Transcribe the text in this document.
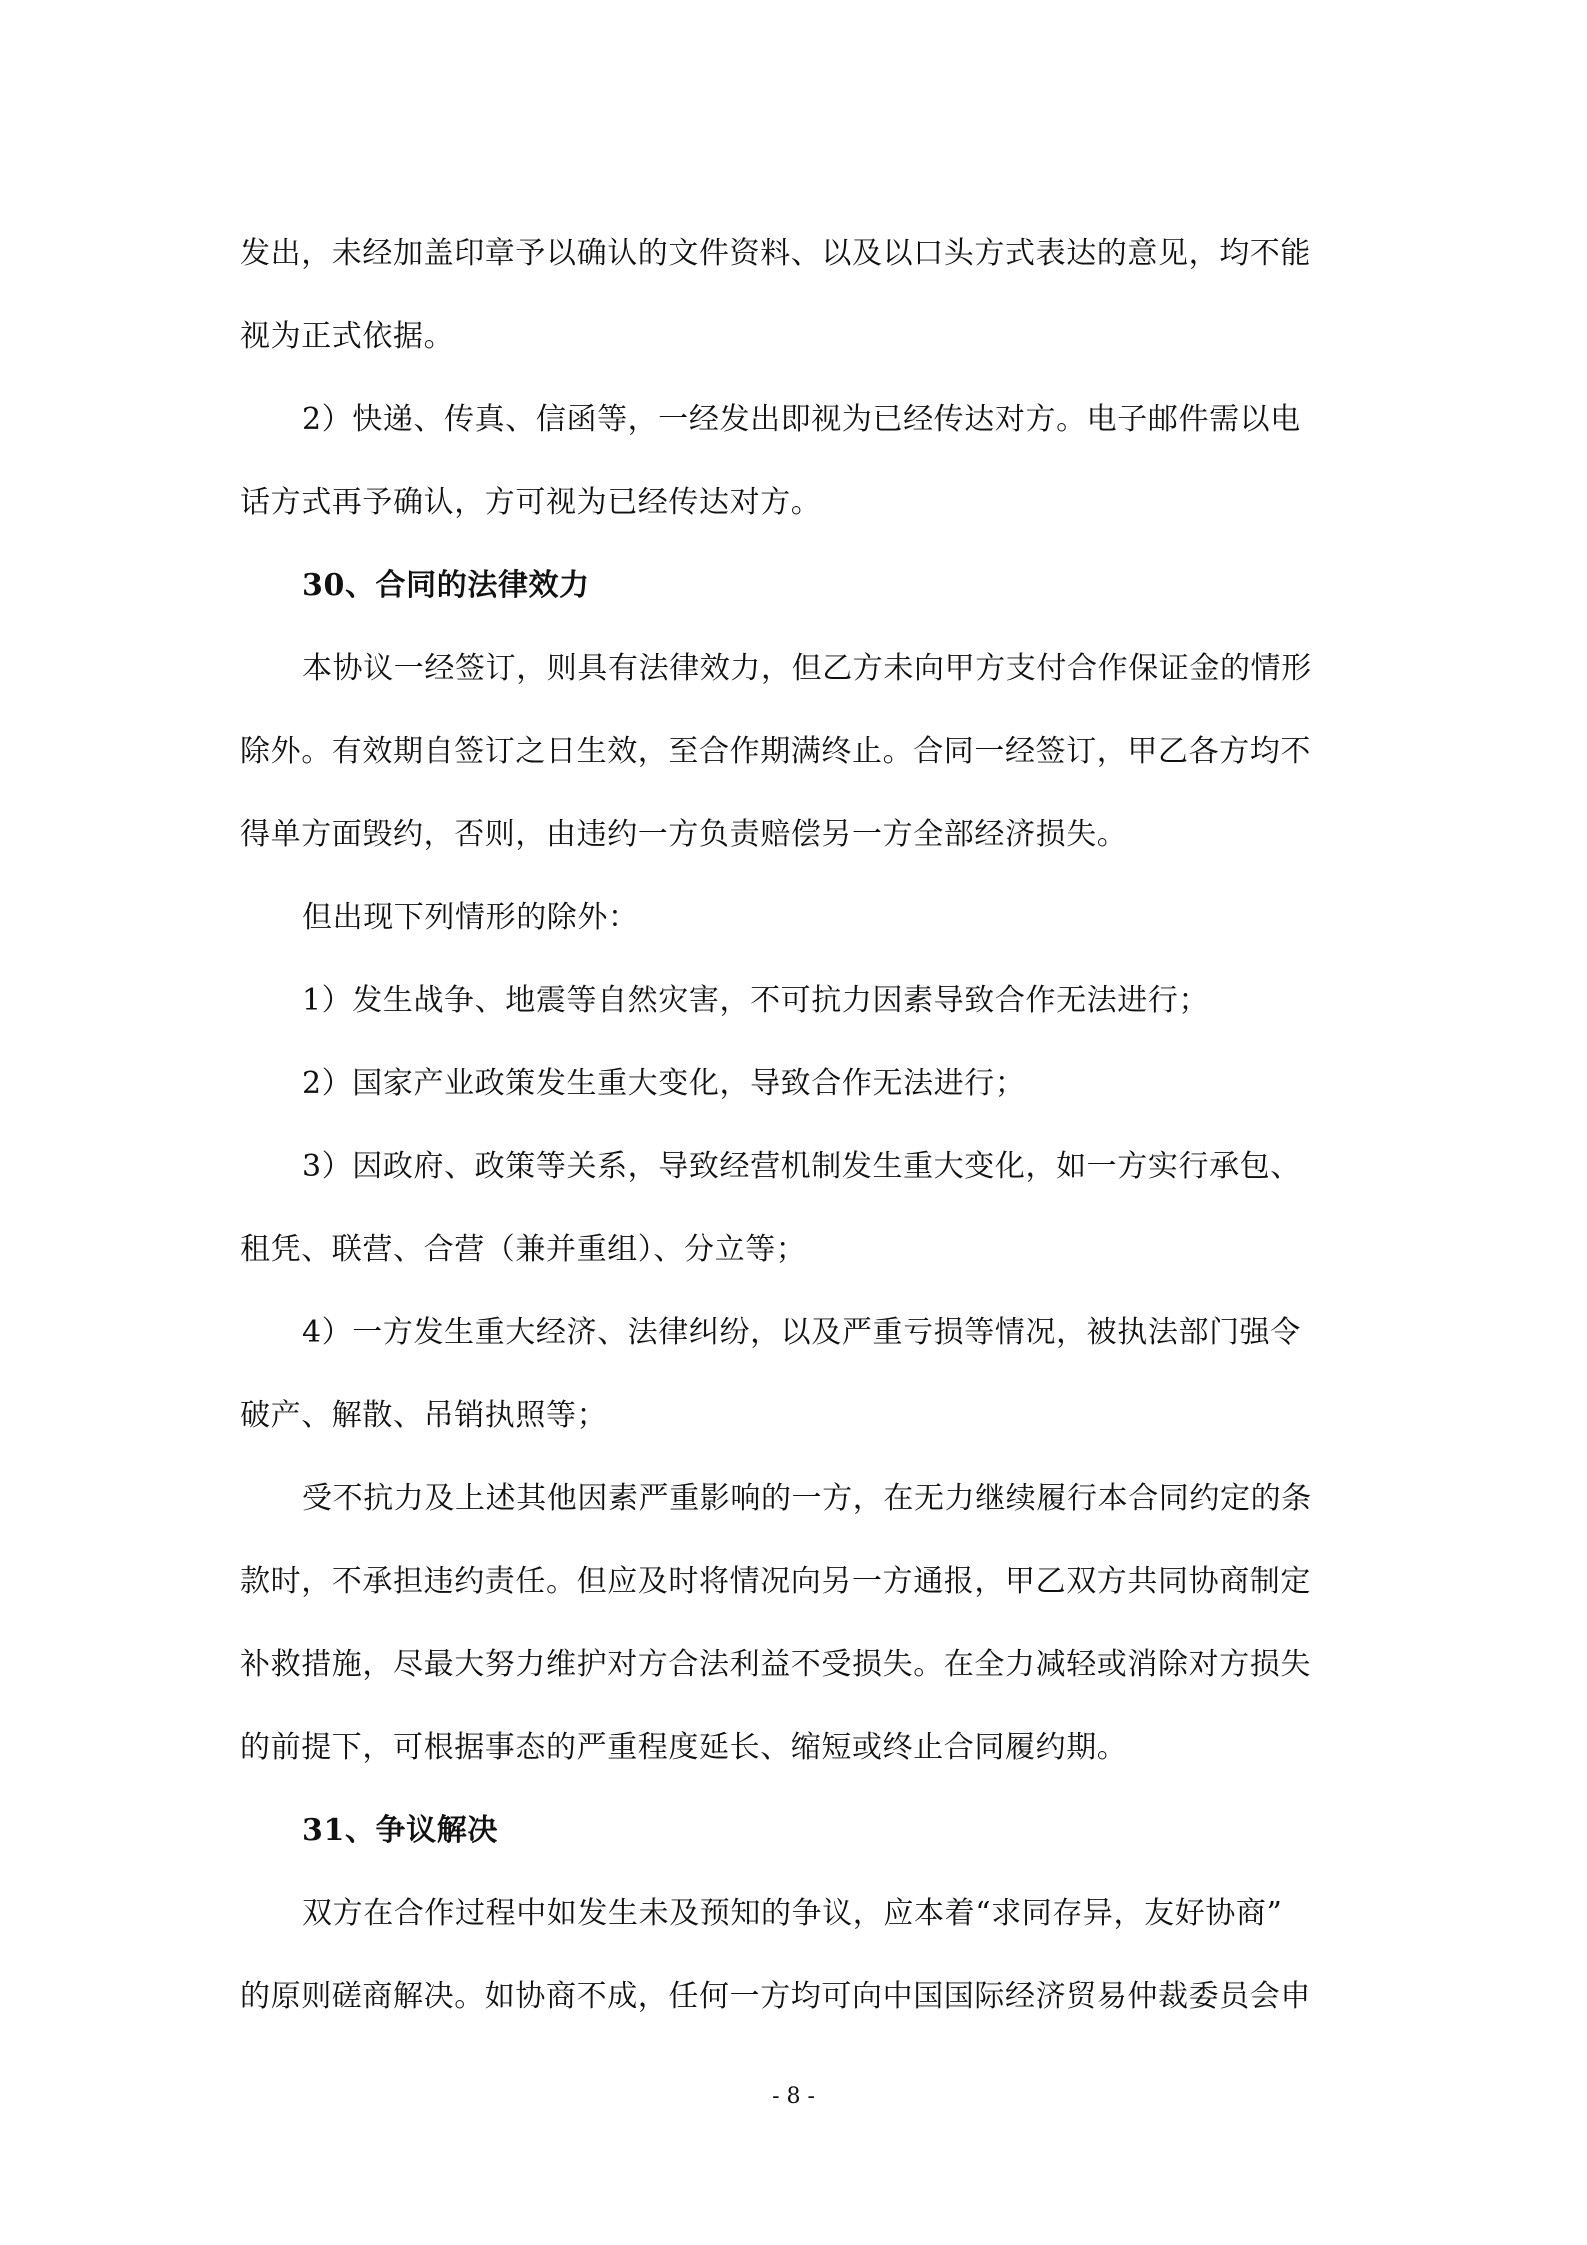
发出，未经加盖印章予以确认的文件资料、以及以口头方式表达的意见，均不能
视为正式依据。
2）快递、传真、信函等，一经发出即视为已经传达对方。电子邮件需以电
话方式再予确认，方可视为已经传达对方。
30、合同的法律效力
本协议一经签订，则具有法律效力，但乙方未向甲方支付合作保证金的情形
除外。有效期自签订之日生效，至合作期满终止。合同一经签订，甲乙各方均不
得单方面毁约，否则，由违约一方负责赔偿另一方全部经济损失。
但出现下列情形的除外：
1）发生战争、地震等自然灾害，不可抗力因素导致合作无法进行；
2）国家产业政策发生重大变化，导致合作无法进行；
3）因政府、政策等关系，导致经营机制发生重大变化，如一方实行承包、
租凭、联营、合营（兼并重组）、分立等；
4）一方发生重大经济、法律纠纷，以及严重亏损等情况，被执法部门强令
破产、解散、吊销执照等；
受不抗力及上述其他因素严重影响的一方，在无力继续履行本合同约定的条
款时，不承担违约责任。但应及时将情况向另一方通报，甲乙双方共同协商制定
补救措施，尽最大努力维护对方合法利益不受损失。在全力减轻或消除对方损失
的前提下，可根据事态的严重程度延长、缩短或终止合同履约期。
31、争议解决
双方在合作过程中如发生未及预知的争议，应本着“求同存异，友好协商”
的原则磋商解决。如协商不成，任何一方均可向中国国际经济贸易仲裁委员会申
- 8 -
